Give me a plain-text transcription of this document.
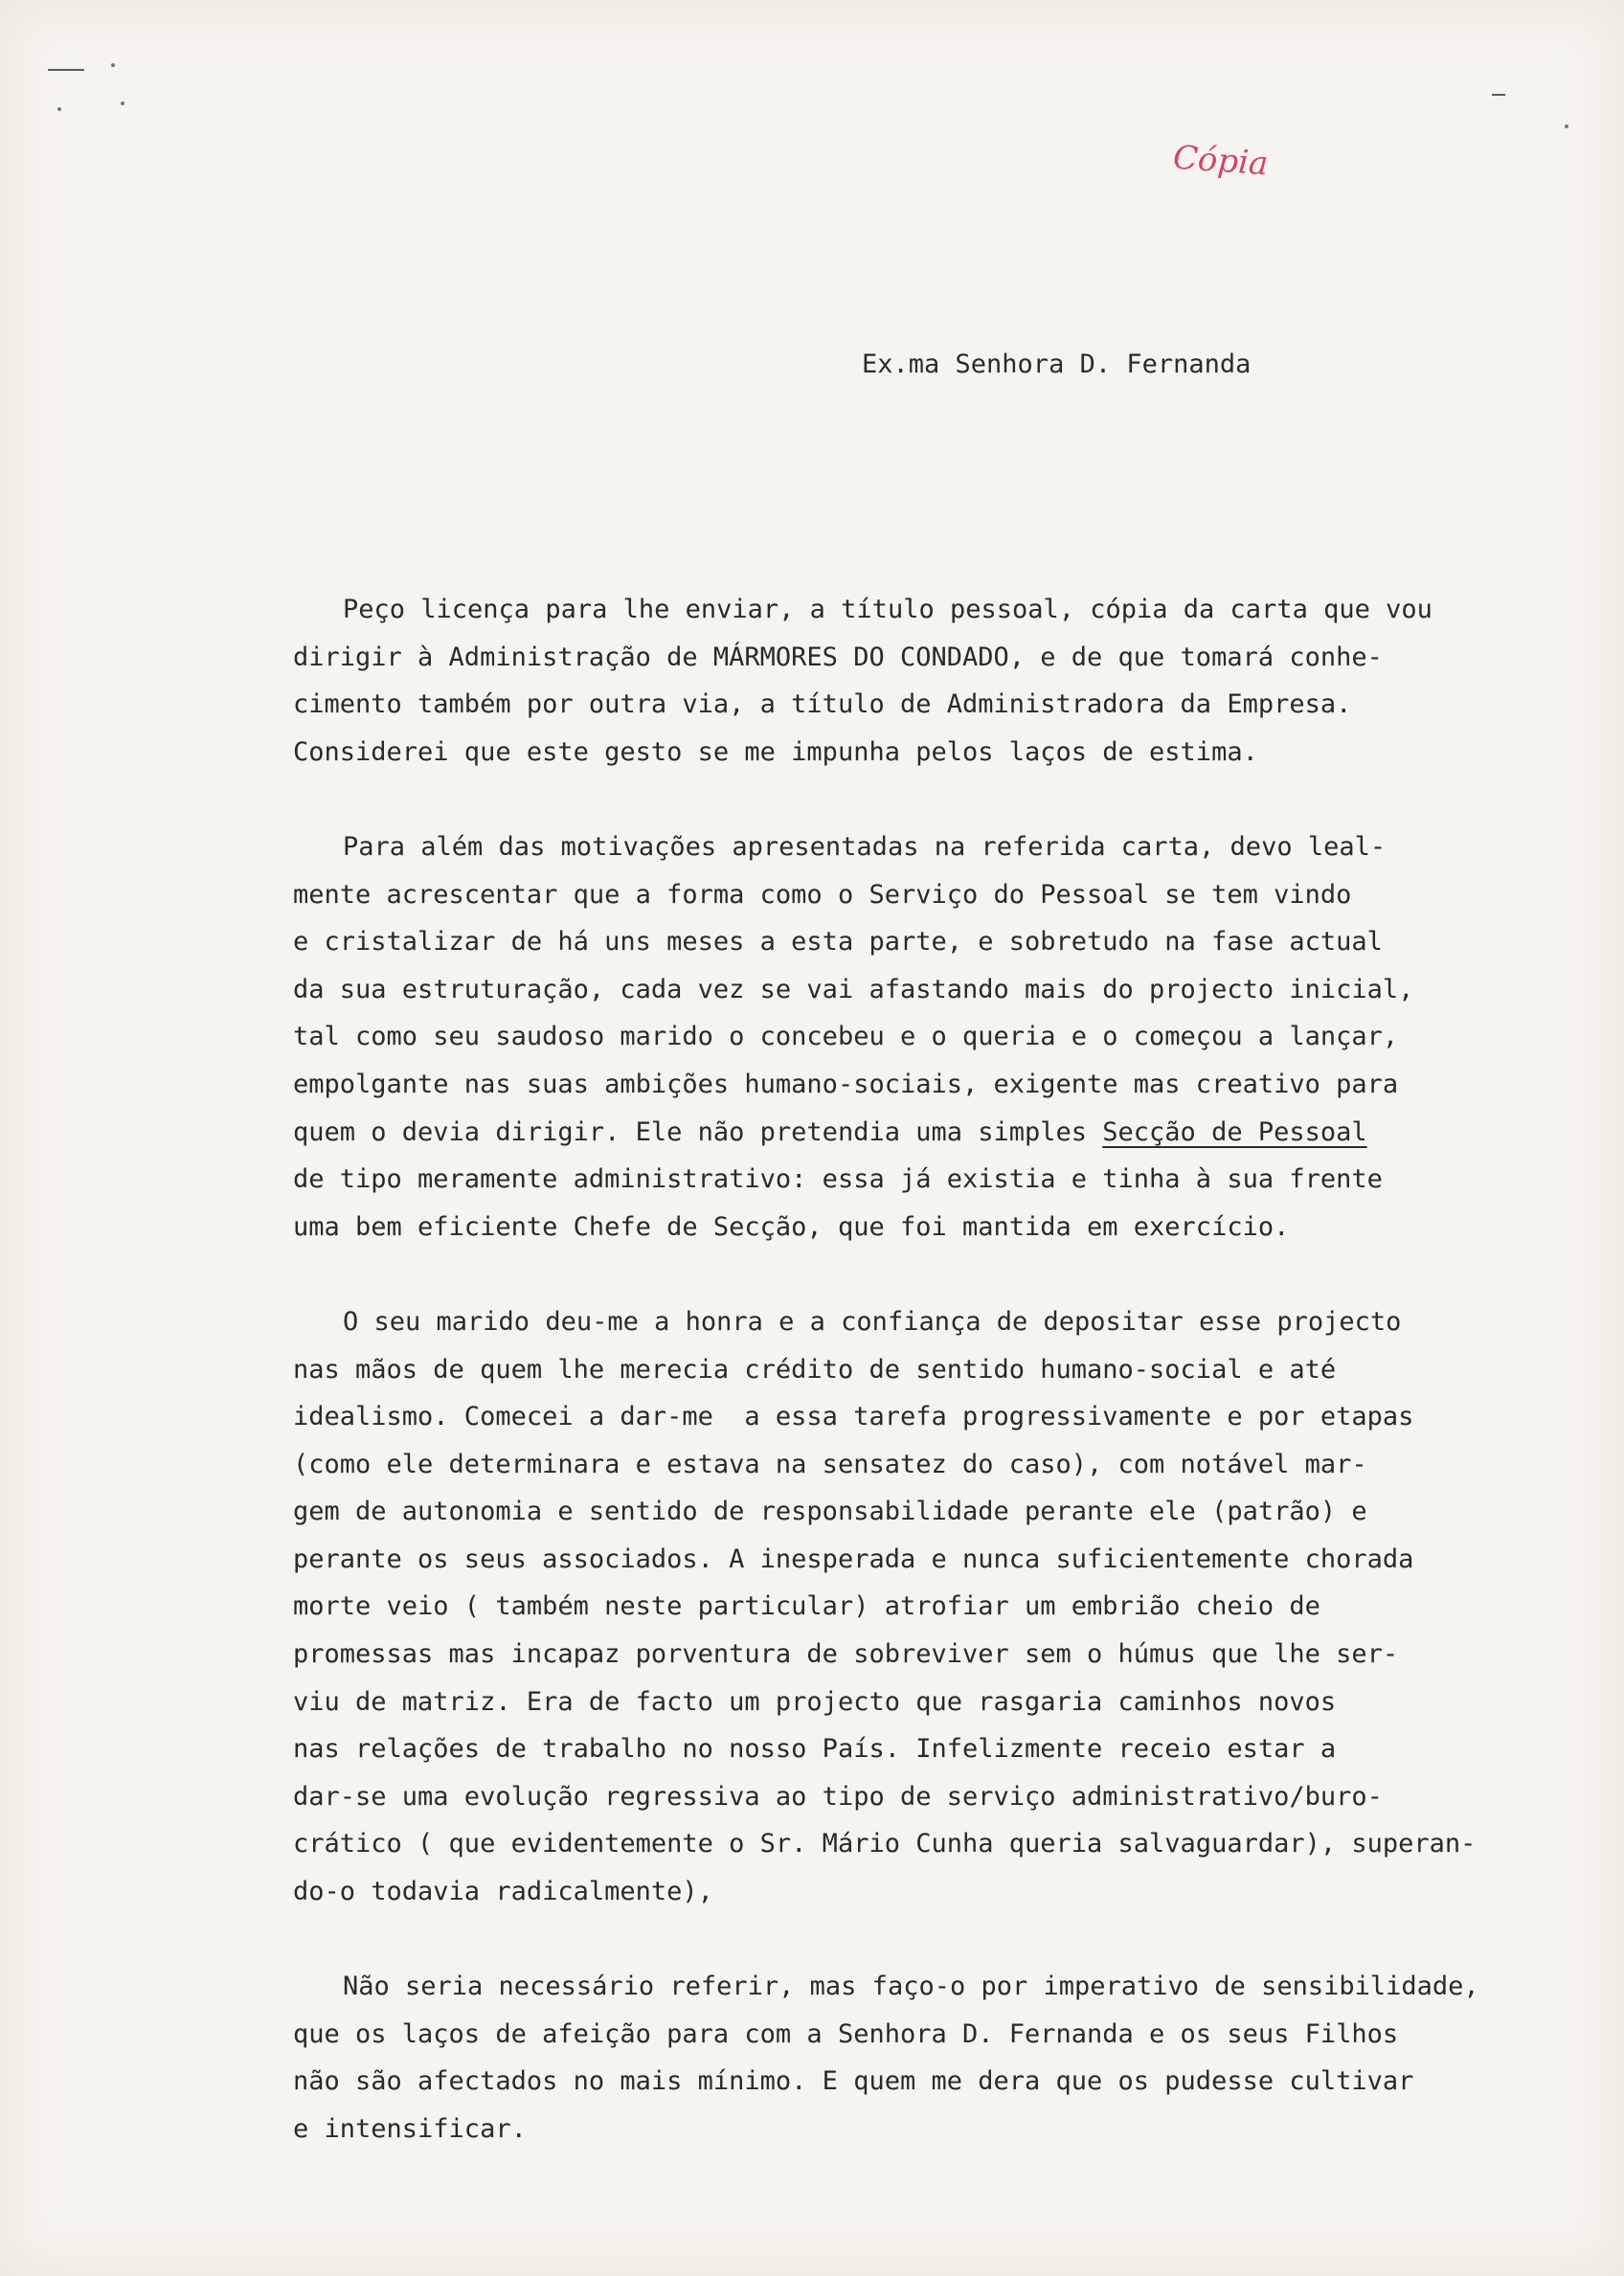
Cópia
Ex.ma Senhora D. Fernanda
Peço licença para lhe enviar, a título pessoal, cópia da carta que vou
dirigir à Administração de MÁRMORES DO CONDADO, e de que tomará conhe-
cimento também por outra via, a título de Administradora da Empresa.
Considerei que este gesto se me impunha pelos laços de estima.
Para além das motivações apresentadas na referida carta, devo leal-
mente acrescentar que a forma como o Serviço do Pessoal se tem vindo
e cristalizar de há uns meses a esta parte, e sobretudo na fase actual
da sua estruturação, cada vez se vai afastando mais do projecto inicial,
tal como seu saudoso marido o concebeu e o queria e o começou a lançar,
empolgante nas suas ambições humano-sociais, exigente mas creativo para
quem o devia dirigir. Ele não pretendia uma simples Secção de Pessoal
de tipo meramente administrativo: essa já existia e tinha à sua frente
uma bem eficiente Chefe de Secção, que foi mantida em exercício.
O seu marido deu-me a honra e a confiança de depositar esse projecto
nas mãos de quem lhe merecia crédito de sentido humano-social e até
idealismo. Comecei a dar-me  a essa tarefa progressivamente e por etapas
(como ele determinara e estava na sensatez do caso), com notável mar-
gem de autonomia e sentido de responsabilidade perante ele (patrão) e
perante os seus associados. A inesperada e nunca suficientemente chorada
morte veio ( também neste particular) atrofiar um embrião cheio de
promessas mas incapaz porventura de sobreviver sem o húmus que lhe ser-
viu de matriz. Era de facto um projecto que rasgaria caminhos novos
nas relações de trabalho no nosso País. Infelizmente receio estar a
dar-se uma evolução regressiva ao tipo de serviço administrativo/buro-
crático ( que evidentemente o Sr. Mário Cunha queria salvaguardar), superan-
do-o todavia radicalmente),
Não seria necessário referir, mas faço-o por imperativo de sensibilidade,
que os laços de afeição para com a Senhora D. Fernanda e os seus Filhos
não são afectados no mais mínimo. E quem me dera que os pudesse cultivar
e intensificar.
